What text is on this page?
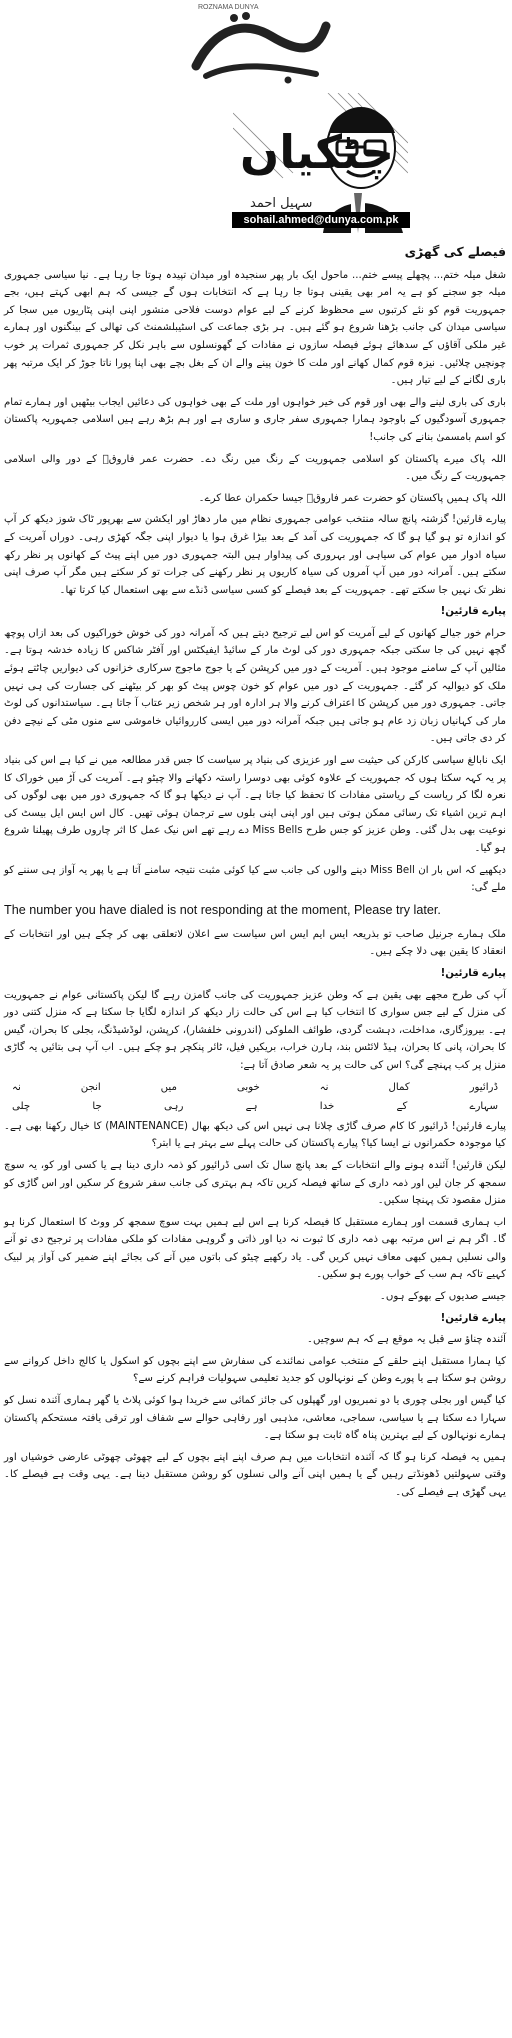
ROZNAMA DUNYA
چٹکیاں
سہیل احمد
sohail.ahmed@dunya.com.pk

فیصلے کی گھڑی

شغل میلہ ختم... پچھلے پیسے ختم... ماحول ایک بار پھر سنجیدہ اور میدان تپیدہ ہوتا جا رہا ہے۔ نیا سیاسی جمہوری میلہ جو سجنے کو ہے یہ امر بھی یقینی ہوتا جا رہا ہے کہ انتخابات ہوں گے جیسی کہ ہم ابھی کہتے ہیں، بجے جمہوریت قوم کو نئے کرتبوں سے محظوظ کرنے کے لیے عوام دوست فلاحی منشور اپنی اپنی پٹاریوں میں سجا کر سیاسی میدان کی جانب بڑھنا شروع ہو گئے ہیں۔ ہر بڑی جماعت کی اسٹیبلشمنٹ کی تھالی کے بینگنوں اور ہمارے غیر ملکی آقاؤں کے سدھائے ہوئے فیصلہ سازوں نے مفادات کے گھونسلوں سے باہر نکل کر جمہوری ثمرات پر خوب چونچیں چلائیں۔ نیزہ قوم کمال کھانے اور ملت کا خون پینے والے ان کے بغل بچے بھی اپنا پورا ناتا جوڑ کر ایک مرتبہ پھر باری لگانے کے لیے تیار ہیں۔

باری کی باری لینے والے بھی اور قوم کی خیر خواہوں اور ملت کے بھی خواہوں کی دعائیں ایجاب بیٹھیں اور ہمارے تمام جمہوری آسودگیوں کے باوجود ہمارا جمہوری سفر جاری و ساری ہے اور ہم بڑھ رہے ہیں اسلامی جمہوریہ پاکستان کو اسم بامسمیٰ بنانے کی جانب!

اللہ پاک میرے پاکستان کو اسلامی جمہوریت کے رنگ میں رنگ دے۔ حضرت عمر فاروقؓ کے دور والی اسلامی جمہوریت کے رنگ میں۔

اللہ پاک ہمیں پاکستان کو حضرت عمر فاروقؓ جیسا حکمران عطا کرے۔

پیارے قارئین! گزشتہ پانچ سالہ منتخب عوامی جمہوری نظام میں مار دھاڑ اور ایکشن سے بھرپور ٹاک شوز دیکھ کر آپ کو اندازہ تو ہو گیا ہو گا کہ جمہوریت کی آمد کے بعد بیڑا غرق ہوا یا دیوار اپنی جگہ کھڑی رہی۔ دوراں آمریت کے سیاہ ادوار میں عوام کی سیاہی اور بہروری کی پیداوار ہیں البتہ جمہوری دور میں اپنے پیٹ کے کھانوں پر نظر رکھ سکتے ہیں۔ آمرانہ دور میں آپ آمروں کی سیاہ کاریوں پر نظر رکھنے کی جرات تو کر سکتے ہیں مگر آپ صرف اپنی نظر تک نہیں جا سکتے تھے۔ جمہوریت کے بعد فیصلے کو کسی سیاسی ڈنڈے سے بھی استعمال کیا کرتا تھا۔

پیارے قارئین!

حرام خور جیالے کھانوں کے لیے آمریت کو اس لیے ترجیح دیتے ہیں کہ آمرانہ دور کی خوش خوراکیوں کی بعد ازاں پوچھ گچھ نہیں کی جا سکتی جبکہ جمہوری دور کی لوٹ مار کے سائیڈ ایفیکٹس اور آفٹر شاکس کا زیادہ خدشہ ہوتا ہے۔ مثالیں آپ کے سامنے موجود ہیں۔ آمریت کے دور میں کرپشن کے یا جوج ماجوج سرکاری خزانوں کی دیواریں چاٹتے ہوئے ملک کو دیوالیہ کر گئے۔ جمہوریت کے دور میں عوام کو خون چوس پیٹ کو بھر کر بیٹھنے کی جسارت کی ہی نہیں جاتی۔ جمہوری دور میں کرپشن کا اعتراف کرنے والا ہر ادارہ اور ہر شخص زیر عتاب آ جاتا ہے۔ سیاستدانوں کی لوٹ مار کی کہانیاں زبان زد عام ہو جاتی ہیں جبکہ آمرانہ دور میں ایسی کارروائیاں خاموشی سے منوں مٹی کے نیچے دفن کر دی جاتی ہیں۔

ایک نابالغ سیاسی کارکن کی حیثیت سے اور عزیزی کی بنیاد پر سیاست کا جس قدر مطالعہ میں نے کیا ہے اس کی بنیاد پر یہ کہہ سکتا ہوں کہ جمہوریت کے علاوہ کوئی بھی دوسرا راستہ دکھانے والا چیٹو ہے۔ آمریت کی آڑ میں خوراک کا نعرہ لگا کر ریاست کے ریاستی مفادات کا تحفظ کیا جاتا ہے۔ آپ نے دیکھا ہو گا کہ جمہوری دور میں بھی لوگوں کی اہم ترین اشیاء تک رسائی ممکن ہوتی ہیں اور اپنی اپنی بلوں سے ترجمان ہوئی تھیں۔ کال اس ایس ایل بیسٹ کی نوعیت بھی بدل گئی۔ وطن عزیز کو جس طرح Miss Bells دے رہے تھے اس نیک عمل کا اثر چاروں طرف پھیلنا شروع ہو گیا۔

دیکھیے کہ اس بار ان Miss Bell دینے والوں کی جانب سے کیا کوئی مثبت نتیجہ سامنے آتا ہے یا پھر یہ آواز ہی سننے کو ملے گی:

The number you have dialed is not responding at the moment, Please try later.

ملک ہمارے جرنیل صاحب تو بذریعہ ایس ایم ایس اس سیاست سے اعلان لاتعلقی بھی کر چکے ہیں اور انتخابات کے انعقاد کا یقین بھی دلا چکے ہیں۔

پیارے قارئین!

آپ کی طرح مجھے بھی یقین ہے کہ وطن عزیز جمہوریت کی جانب گامزن رہے گا لیکن پاکستانی عوام نے جمہوریت کی منزل کے لیے جس سواری کا انتخاب کیا ہے اس کی حالت زار دیکھ کر اندازہ لگایا جا سکتا ہے کہ منزل کتنی دور ہے۔ بیروزگاری، مداخلت، دہشت گردی، طوائف الملوکی (اندرونی خلفشار)، کرپشن، لوڈشیڈنگ، بجلی کا بحران، گیس کا بحران، پانی کا بحران، ہیڈ لائٹس بند، ہارن خراب، بریکیں فیل، ٹائر پنکچر ہو چکے ہیں۔ اب آپ ہی بتائیں یہ گاڑی منزل پر کب پہنچے گی؟ اس کی حالت پر یہ شعر صادق آتا ہے:

ڈرائیور
کمال
نہ
خوبی
میں
انجن
نہ
سہارے
کے
خدا
ہے
رہی
جا
چلی

پیارے قارئین! ڈرائیور کا کام صرف گاڑی چلانا ہی نہیں اس کی دیکھ بھال (MAINTENANCE) کا خیال رکھنا بھی ہے۔ کیا موجودہ حکمرانوں نے ایسا کیا؟ پیارے پاکستان کی حالت پہلے سے بہتر ہے یا ابتر؟

لیکن قارئین! آئندہ ہونے والے انتخابات کے بعد پانچ سال تک اسی ڈرائیور کو ذمہ داری دینا ہے یا کسی اور کو، یہ سوچ سمجھ کر جان لیں اور ذمہ داری کے ساتھ فیصلہ کریں تاکہ ہم بہتری کی جانب سفر شروع کر سکیں اور اس گاڑی کو منزل مقصود تک پہنچا سکیں۔

اب ہماری قسمت اور ہمارے مستقبل کا فیصلہ کرنا ہے اس لیے ہمیں بہت سوچ سمجھ کر ووٹ کا استعمال کرنا ہو گا۔ اگر ہم نے اس مرتبہ بھی ذمہ داری کا ثبوت نہ دیا اور ذاتی و گروہی مفادات کو ملکی مفادات پر ترجیح دی تو آنے والی نسلیں ہمیں کبھی معاف نہیں کریں گی۔ یاد رکھیے چیٹو کی باتوں میں آنے کی بجائے اپنے ضمیر کی آواز پر لبیک کہیے تاکہ ہم سب کے خواب پورے ہو سکیں۔

جیسے صدیوں کے بھوکے ہوں۔

پیارے قارئین!

آئندہ چناؤ سے قبل یہ موقع ہے کہ ہم سوچیں۔

کیا ہمارا مستقبل اپنے حلقے کے منتخب عوامی نمائندے کی سفارش سے اپنے بچوں کو اسکول یا کالج داخل کروانے سے روشن ہو سکتا ہے یا پورے وطن کے نونہالوں کو جدید تعلیمی سہولیات فراہم کرنے سے؟

کیا گیس اور بجلی چوری یا دو نمبریوں اور گھپلوں کی جائز کمائی سے خریدا ہوا کوئی پلاٹ یا گھر ہماری آئندہ نسل کو سہارا دے سکتا ہے یا سیاسی، سماجی، معاشی، مذہبی اور رفاہی حوالے سے شفاف اور ترقی یافتہ مستحکم پاکستان ہمارے نونہالوں کے لیے بہترین پناہ گاہ ثابت ہو سکتا ہے۔

ہمیں یہ فیصلہ کرنا ہو گا کہ آئندہ انتخابات میں ہم صرف اپنے اپنے بچوں کے لیے چھوٹی چھوٹی عارضی خوشیاں اور وقتی سہولتیں ڈھونڈتے رہیں گے یا ہمیں اپنی آنے والی نسلوں کو روشن مستقبل دینا ہے۔ یہی وقت ہے فیصلے کا۔ یہی گھڑی ہے فیصلے کی۔
